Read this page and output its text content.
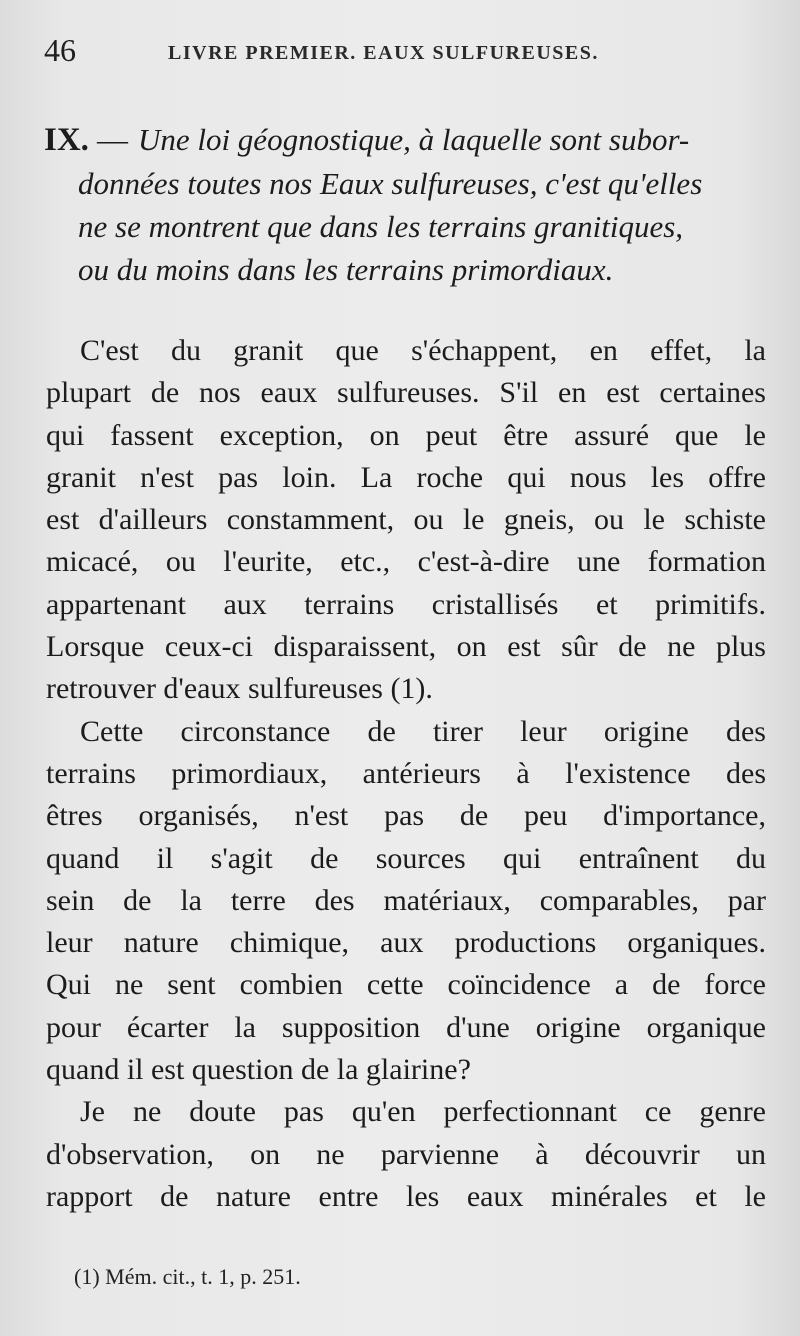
46	LIVRE PREMIER. EAUX SULFUREUSES.
IX. — Une loi géognostique, à laquelle sont subor-
données toutes nos Eaux sulfureuses, c'est qu'elles
ne se montrent que dans les terrains granitiques,
ou du moins dans les terrains primordiaux.

C'est du granit que s'échappent, en effet, la
plupart de nos eaux sulfureuses. S'il en est certaines
qui fassent exception, on peut être assuré que le
granit n'est pas loin. La roche qui nous les offre
est d'ailleurs constamment, ou le gneis, ou le schiste
micacé, ou l'eurite, etc., c'est-à-dire une formation
appartenant aux terrains cristallisés et primitifs.
Lorsque ceux-ci disparaissent, on est sûr de ne plus
retrouver d'eaux sulfureuses (1).

Cette circonstance de tirer leur origine des
terrains primordiaux, antérieurs à l'existence des
êtres organisés, n'est pas de peu d'importance,
quand il s'agit de sources qui entraînent du
sein de la terre des matériaux, comparables, par
leur nature chimique, aux productions organiques.
Qui ne sent combien cette coïncidence a de force
pour écarter la supposition d'une origine organique
quand il est question de la glairine?

Je ne doute pas qu'en perfectionnant ce genre
d'observation, on ne parvienne à découvrir un
rapport de nature entre les eaux minérales et le

(1) Mém. cit., t. 1, p. 251.
